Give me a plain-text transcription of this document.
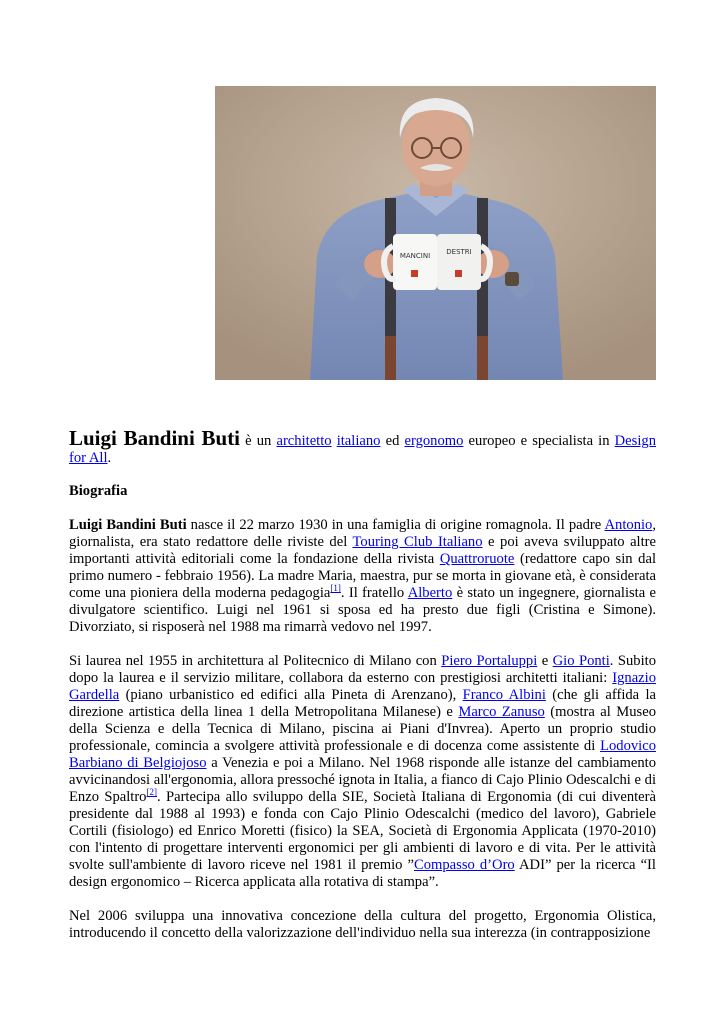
MANCINI DESTRI

Luigi Bandini Buti è un architetto italiano ed ergonomo europeo e specialista in Design for All.

Biografia

Luigi Bandini Buti nasce il 22 marzo 1930 in una famiglia di origine romagnola. Il padre Antonio, giornalista, era stato redattore delle riviste del Touring Club Italiano e poi aveva sviluppato altre importanti attività editoriali come la fondazione della rivista Quattroruote (redattore capo sin dal primo numero - febbraio 1956). La madre Maria, maestra, pur se morta in giovane età, è considerata come una pioniera della moderna pedagogia[1]. Il fratello Alberto è stato un ingegnere, giornalista e divulgatore scientifico. Luigi nel 1961 si sposa ed ha presto due figli (Cristina e Simone). Divorziato, si risposerà nel 1988 ma rimarrà vedovo nel 1997.

Si laurea nel 1955 in architettura al Politecnico di Milano con Piero Portaluppi e Gio Ponti. Subito dopo la laurea e il servizio militare, collabora da esterno con prestigiosi architetti italiani: Ignazio Gardella (piano urbanistico ed edifici alla Pineta di Arenzano), Franco Albini (che gli affida la direzione artistica della linea 1 della Metropolitana Milanese) e Marco Zanuso (mostra al Museo della Scienza e della Tecnica di Milano, piscina ai Piani d'Invrea). Aperto un proprio studio professionale, comincia a svolgere attività professionale e di docenza come assistente di Lodovico Barbiano di Belgiojoso a Venezia e poi a Milano. Nel 1968 risponde alle istanze del cambiamento avvicinandosi all'ergonomia, allora pressoché ignota in Italia, a fianco di Cajo Plinio Odescalchi e di Enzo Spaltro[2]. Partecipa allo sviluppo della SIE, Società Italiana di Ergonomia (di cui diventerà presidente dal 1988 al 1993) e fonda con Cajo Plinio Odescalchi (medico del lavoro), Gabriele Cortili (fisiologo) ed Enrico Moretti (fisico) la SEA, Società di Ergonomia Applicata (1970-2010) con l'intento di progettare interventi ergonomici per gli ambienti di lavoro e di vita. Per le attività svolte sull'ambiente di lavoro riceve nel 1981 il premio ”Compasso d’Oro ADI” per la ricerca “Il design ergonomico – Ricerca applicata alla rotativa di stampa”.

Nel 2006 sviluppa una innovativa concezione della cultura del progetto, Ergonomia Olistica, introducendo il concetto della valorizzazione dell'individuo nella sua interezza (in contrapposizione
